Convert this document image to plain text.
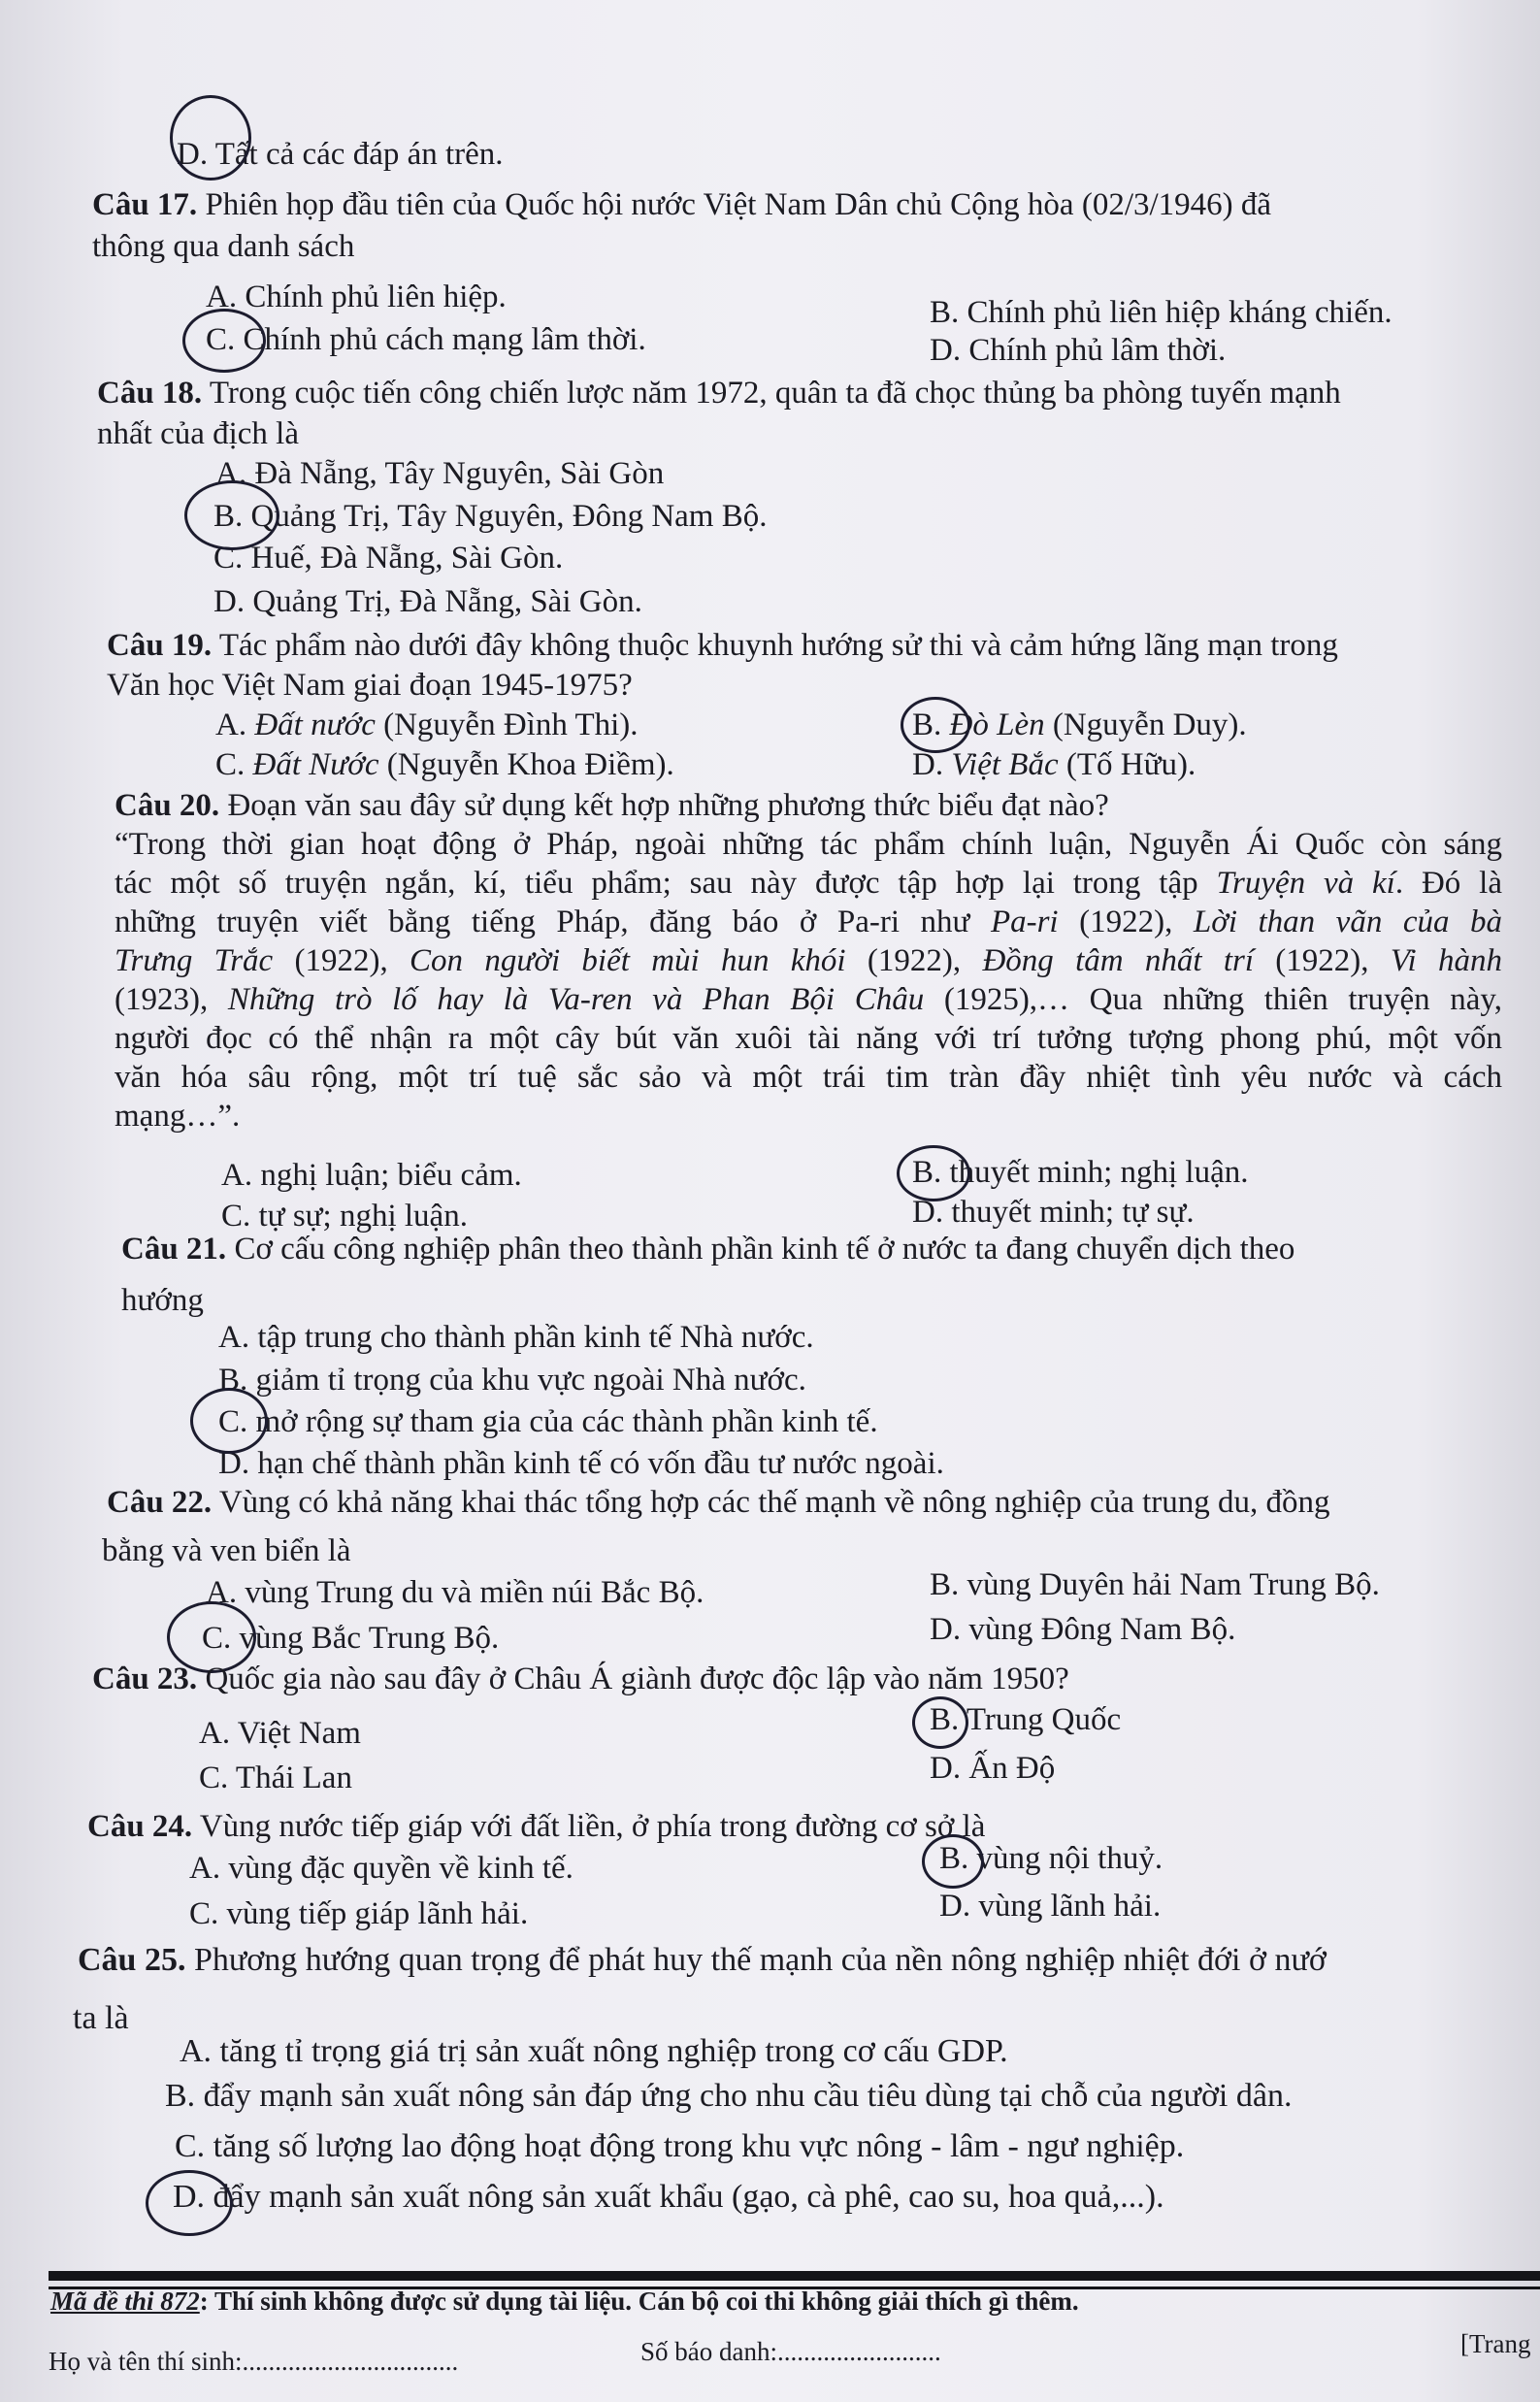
D. Tất cả các đáp án trên.
Câu 17. Phiên họp đầu tiên của Quốc hội nước Việt Nam Dân chủ Cộng hòa (02/3/1946) đã
thông qua danh sách
A. Chính phủ liên hiệp.	B. Chính phủ liên hiệp kháng chiến.
C. Chính phủ cách mạng lâm thời.	D. Chính phủ lâm thời.
Câu 18. Trong cuộc tiến công chiến lược năm 1972, quân ta đã chọc thủng ba phòng tuyến mạnh
nhất của địch là
A. Đà Nẵng, Tây Nguyên, Sài Gòn
B. Quảng Trị, Tây Nguyên, Đông Nam Bộ.
C. Huế, Đà Nẵng, Sài Gòn.
D. Quảng Trị, Đà Nẵng, Sài Gòn.
Câu 19. Tác phẩm nào dưới đây không thuộc khuynh hướng sử thi và cảm hứng lãng mạn trong
Văn học Việt Nam giai đoạn 1945-1975?
A. Đất nước (Nguyễn Đình Thi).	B. Đò Lèn (Nguyễn Duy).
C. Đất Nước (Nguyễn Khoa Điềm).	D. Việt Bắc (Tố Hữu).
Câu 20. Đoạn văn sau đây sử dụng kết hợp những phương thức biểu đạt nào?
“Trong thời gian hoạt động ở Pháp, ngoài những tác phẩm chính luận, Nguyễn Ái Quốc còn sáng
tác một số truyện ngắn, kí, tiểu phẩm; sau này được tập hợp lại trong tập Truyện và kí. Đó là
những truyện viết bằng tiếng Pháp, đăng báo ở Pa-ri như Pa-ri (1922), Lời than vãn của bà
Trưng Trắc (1922), Con người biết mùi hun khói (1922), Đồng tâm nhất trí (1922), Vi hành
(1923), Những trò lố hay là Va-ren và Phan Bội Châu (1925),… Qua những thiên truyện này,
người đọc có thể nhận ra một cây bút văn xuôi tài năng với trí tưởng tượng phong phú, một vốn
văn hóa sâu rộng, một trí tuệ sắc sảo và một trái tim tràn đầy nhiệt tình yêu nước và cách
mạng…”.
A. nghị luận; biểu cảm.	B. thuyết minh; nghị luận.
C. tự sự; nghị luận.	D. thuyết minh; tự sự.
Câu 21. Cơ cấu công nghiệp phân theo thành phần kinh tế ở nước ta đang chuyển dịch theo
hướng
A. tập trung cho thành phần kinh tế Nhà nước.
B. giảm tỉ trọng của khu vực ngoài Nhà nước.
C. mở rộng sự tham gia của các thành phần kinh tế.
D. hạn chế thành phần kinh tế có vốn đầu tư nước ngoài.
Câu 22. Vùng có khả năng khai thác tổng hợp các thế mạnh về nông nghiệp của trung du, đồng
bằng và ven biển là
A. vùng Trung du và miền núi Bắc Bộ.	B. vùng Duyên hải Nam Trung Bộ.
C. vùng Bắc Trung Bộ.	D. vùng Đông Nam Bộ.
Câu 23. Quốc gia nào sau đây ở Châu Á giành được độc lập vào năm 1950?
A. Việt Nam	B. Trung Quốc
C. Thái Lan	D. Ấn Độ
Câu 24. Vùng nước tiếp giáp với đất liền, ở phía trong đường cơ sở là
A. vùng đặc quyền về kinh tế.	B. vùng nội thuỷ.
C. vùng tiếp giáp lãnh hải.	D. vùng lãnh hải.
Câu 25. Phương hướng quan trọng để phát huy thế mạnh của nền nông nghiệp nhiệt đới ở nướ
ta là
A. tăng tỉ trọng giá trị sản xuất nông nghiệp trong cơ cấu GDP.
B. đẩy mạnh sản xuất nông sản đáp ứng cho nhu cầu tiêu dùng tại chỗ của người dân.
C. tăng số lượng lao động hoạt động trong khu vực nông - lâm - ngư nghiệp.
D. đẩy mạnh sản xuất nông sản xuất khẩu (gạo, cà phê, cao su, hoa quả,...).
Mã đề thi 872: Thí sinh không được sử dụng tài liệu. Cán bộ coi thi không giải thích gì thêm.
Họ và tên thí sinh:.................................	Số báo danh:.........................	[Trang
